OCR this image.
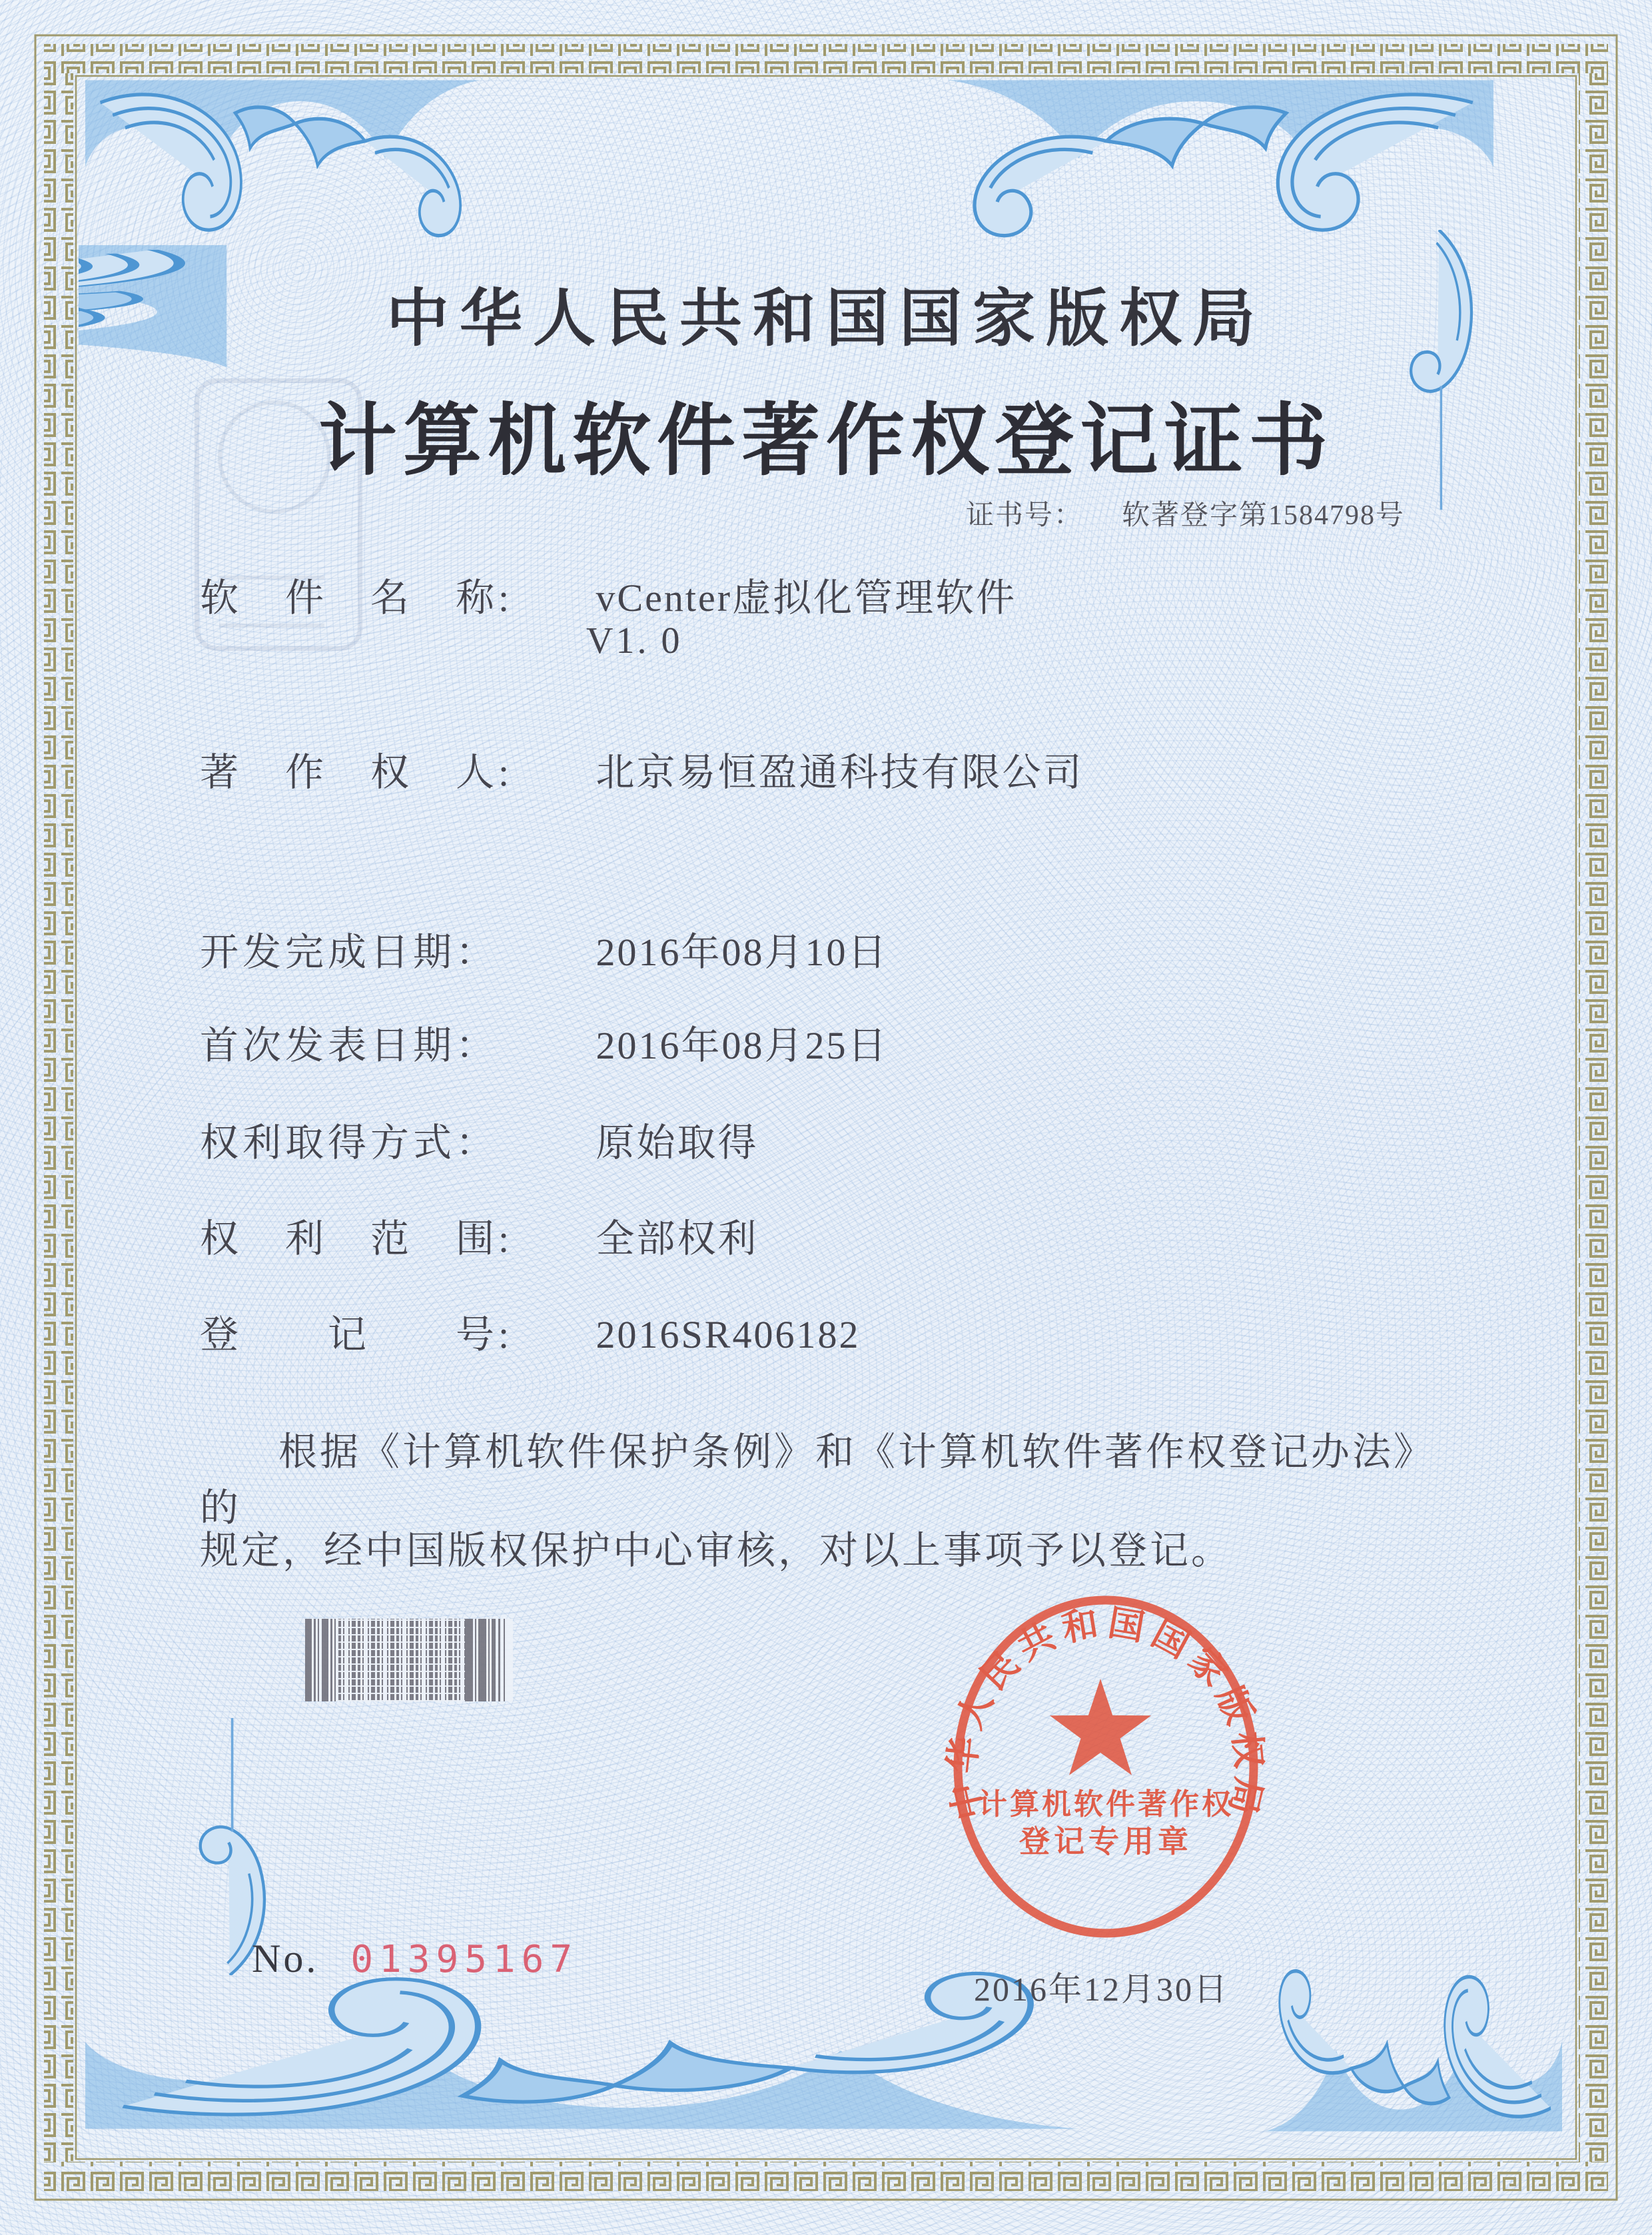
中华人民共和国国家版权局
计算机软件著作权登记证书
证书号： 软著登字第1584798号
软　件　名　称: vCenter虚拟化管理软件
V1. 0
著　作　权　人: 北京易恒盈通科技有限公司
开发完成日期：	2016年08月10日
首次发表日期：	2016年08月25日
权利取得方式：	原始取得
权　利　范　围: 全部权利
登　　记　　号: 2016SR406182
根据《计算机软件保护条例》和《计算机软件著作权登记办法》的
规定，经中国版权保护中心审核，对以上事项予以登记。
No. 01395167
2016年12月30日
中华人民共和国国家版权局
计算机软件著作权
登记专用章
